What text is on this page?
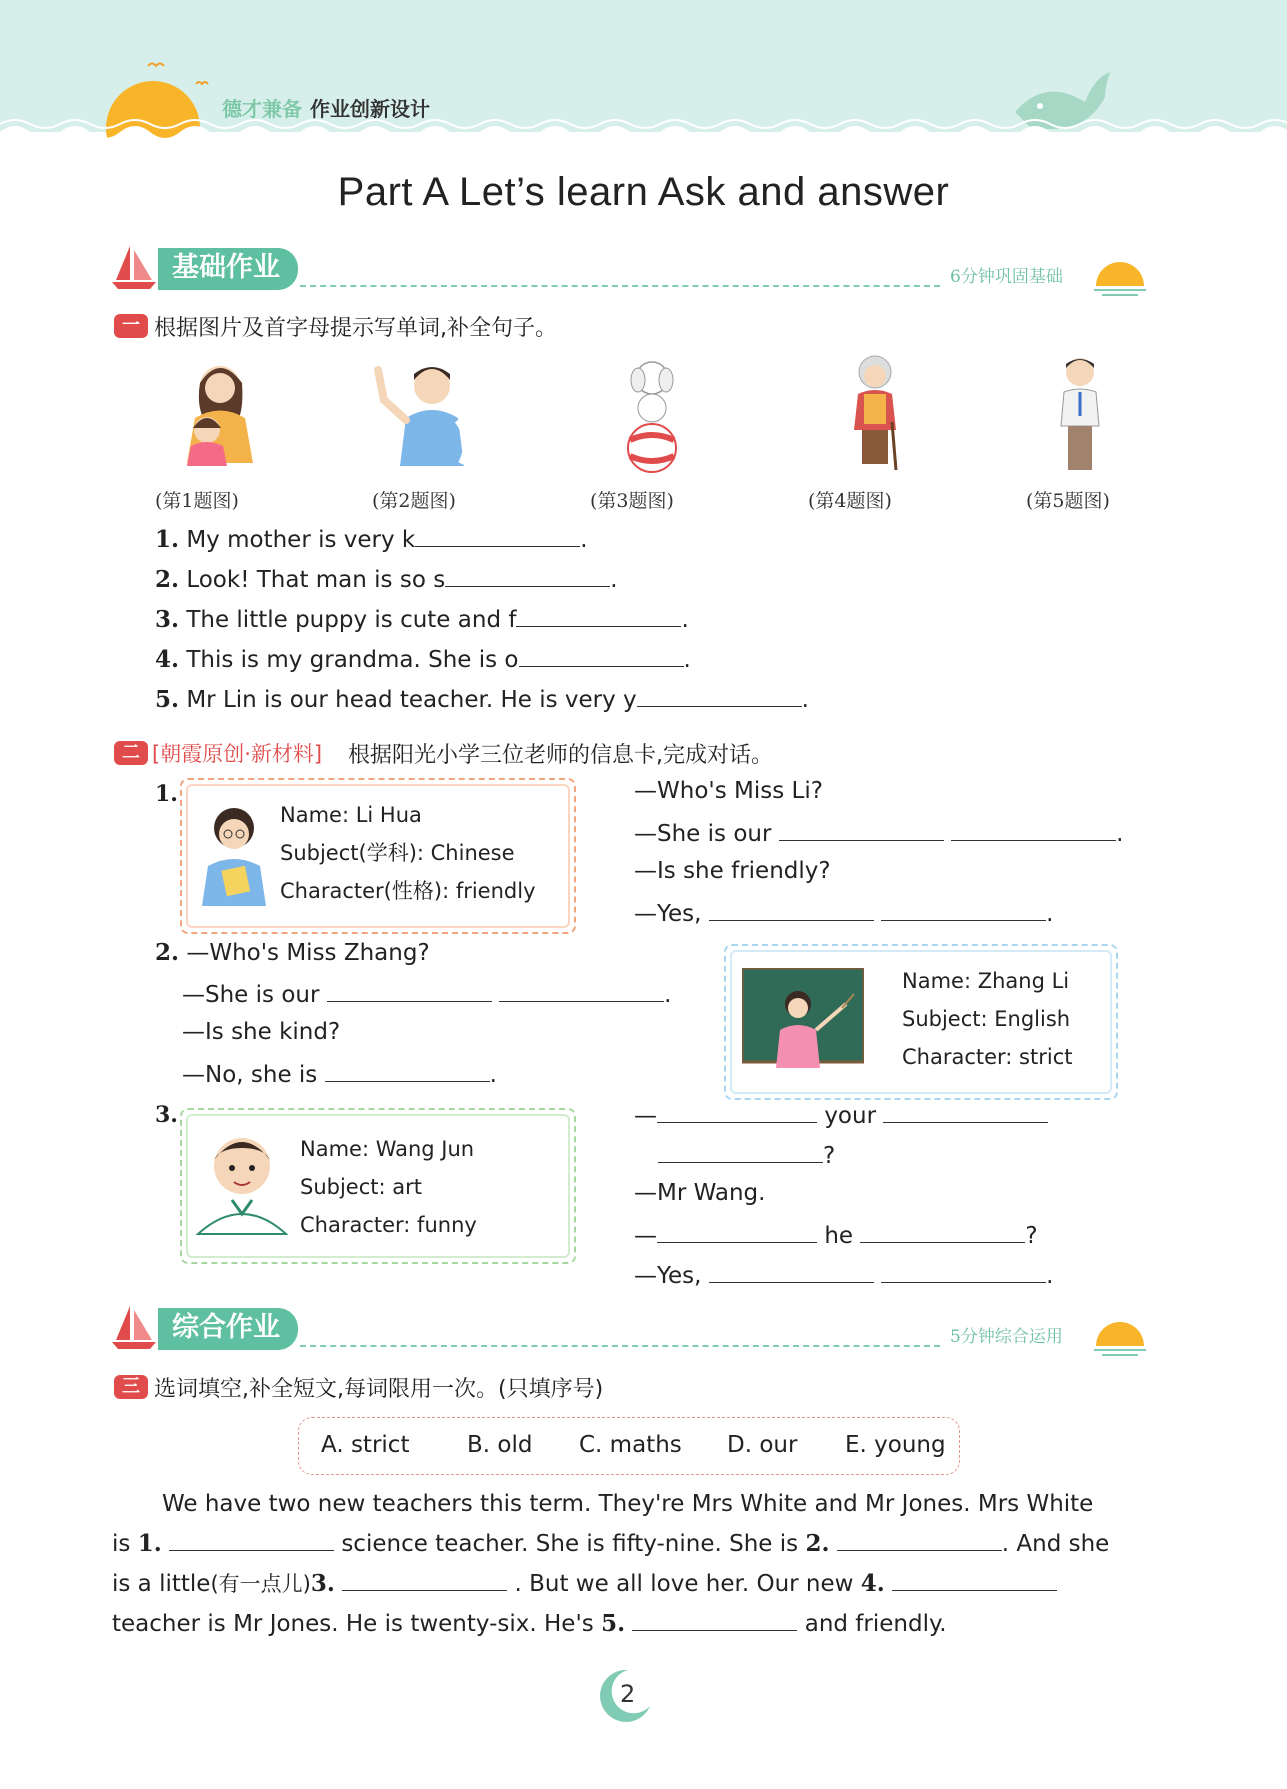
德才兼备 作业创新设计
Part A Let’s learn Ask and answer
基础作业	6分钟巩固基础
一 根据图片及首字母提示写单词,补全句子。
(第1题图)	(第2题图)	(第3题图)	(第4题图)	(第5题图)
1. My mother is very k	.
2. Look! That man is so s	.
3. The little puppy is cute and f	.
4. This is my grandma. She is o	.
5. Mr Lin is our head teacher. He is very y	.
二 [朝霞原创·新材料] 根据阳光小学三位老师的信息卡,完成对话。
1.
Name: Li Hua
Subject(学科): Chinese
Character(性格): friendly
—Who's Miss Li?
—She is our	.
—Is she friendly?
—Yes,	.
2. —Who's Miss Zhang?
—She is our	.
—Is she kind?
—No, she is	.
Name: Zhang Li
Subject: English
Character: strict
3.
Name: Wang Jun
Subject: art
Character: funny
—	your
?
—Mr Wang.
—	he	?
—Yes,	.
综合作业	5分钟综合运用
三 选词填空,补全短文,每词限用一次。(只填序号)
A. strict	B. old C. maths D. our E. young
We have two new teachers this term. They're Mrs White and Mr Jones. Mrs White
is 1.	science teacher. She is fifty-nine. She is 2.	. And she
is a little(有一点儿)3.	. But we all love her. Our new 4.
teacher is Mr Jones. He is twenty-six. He's 5.	and friendly.
2
